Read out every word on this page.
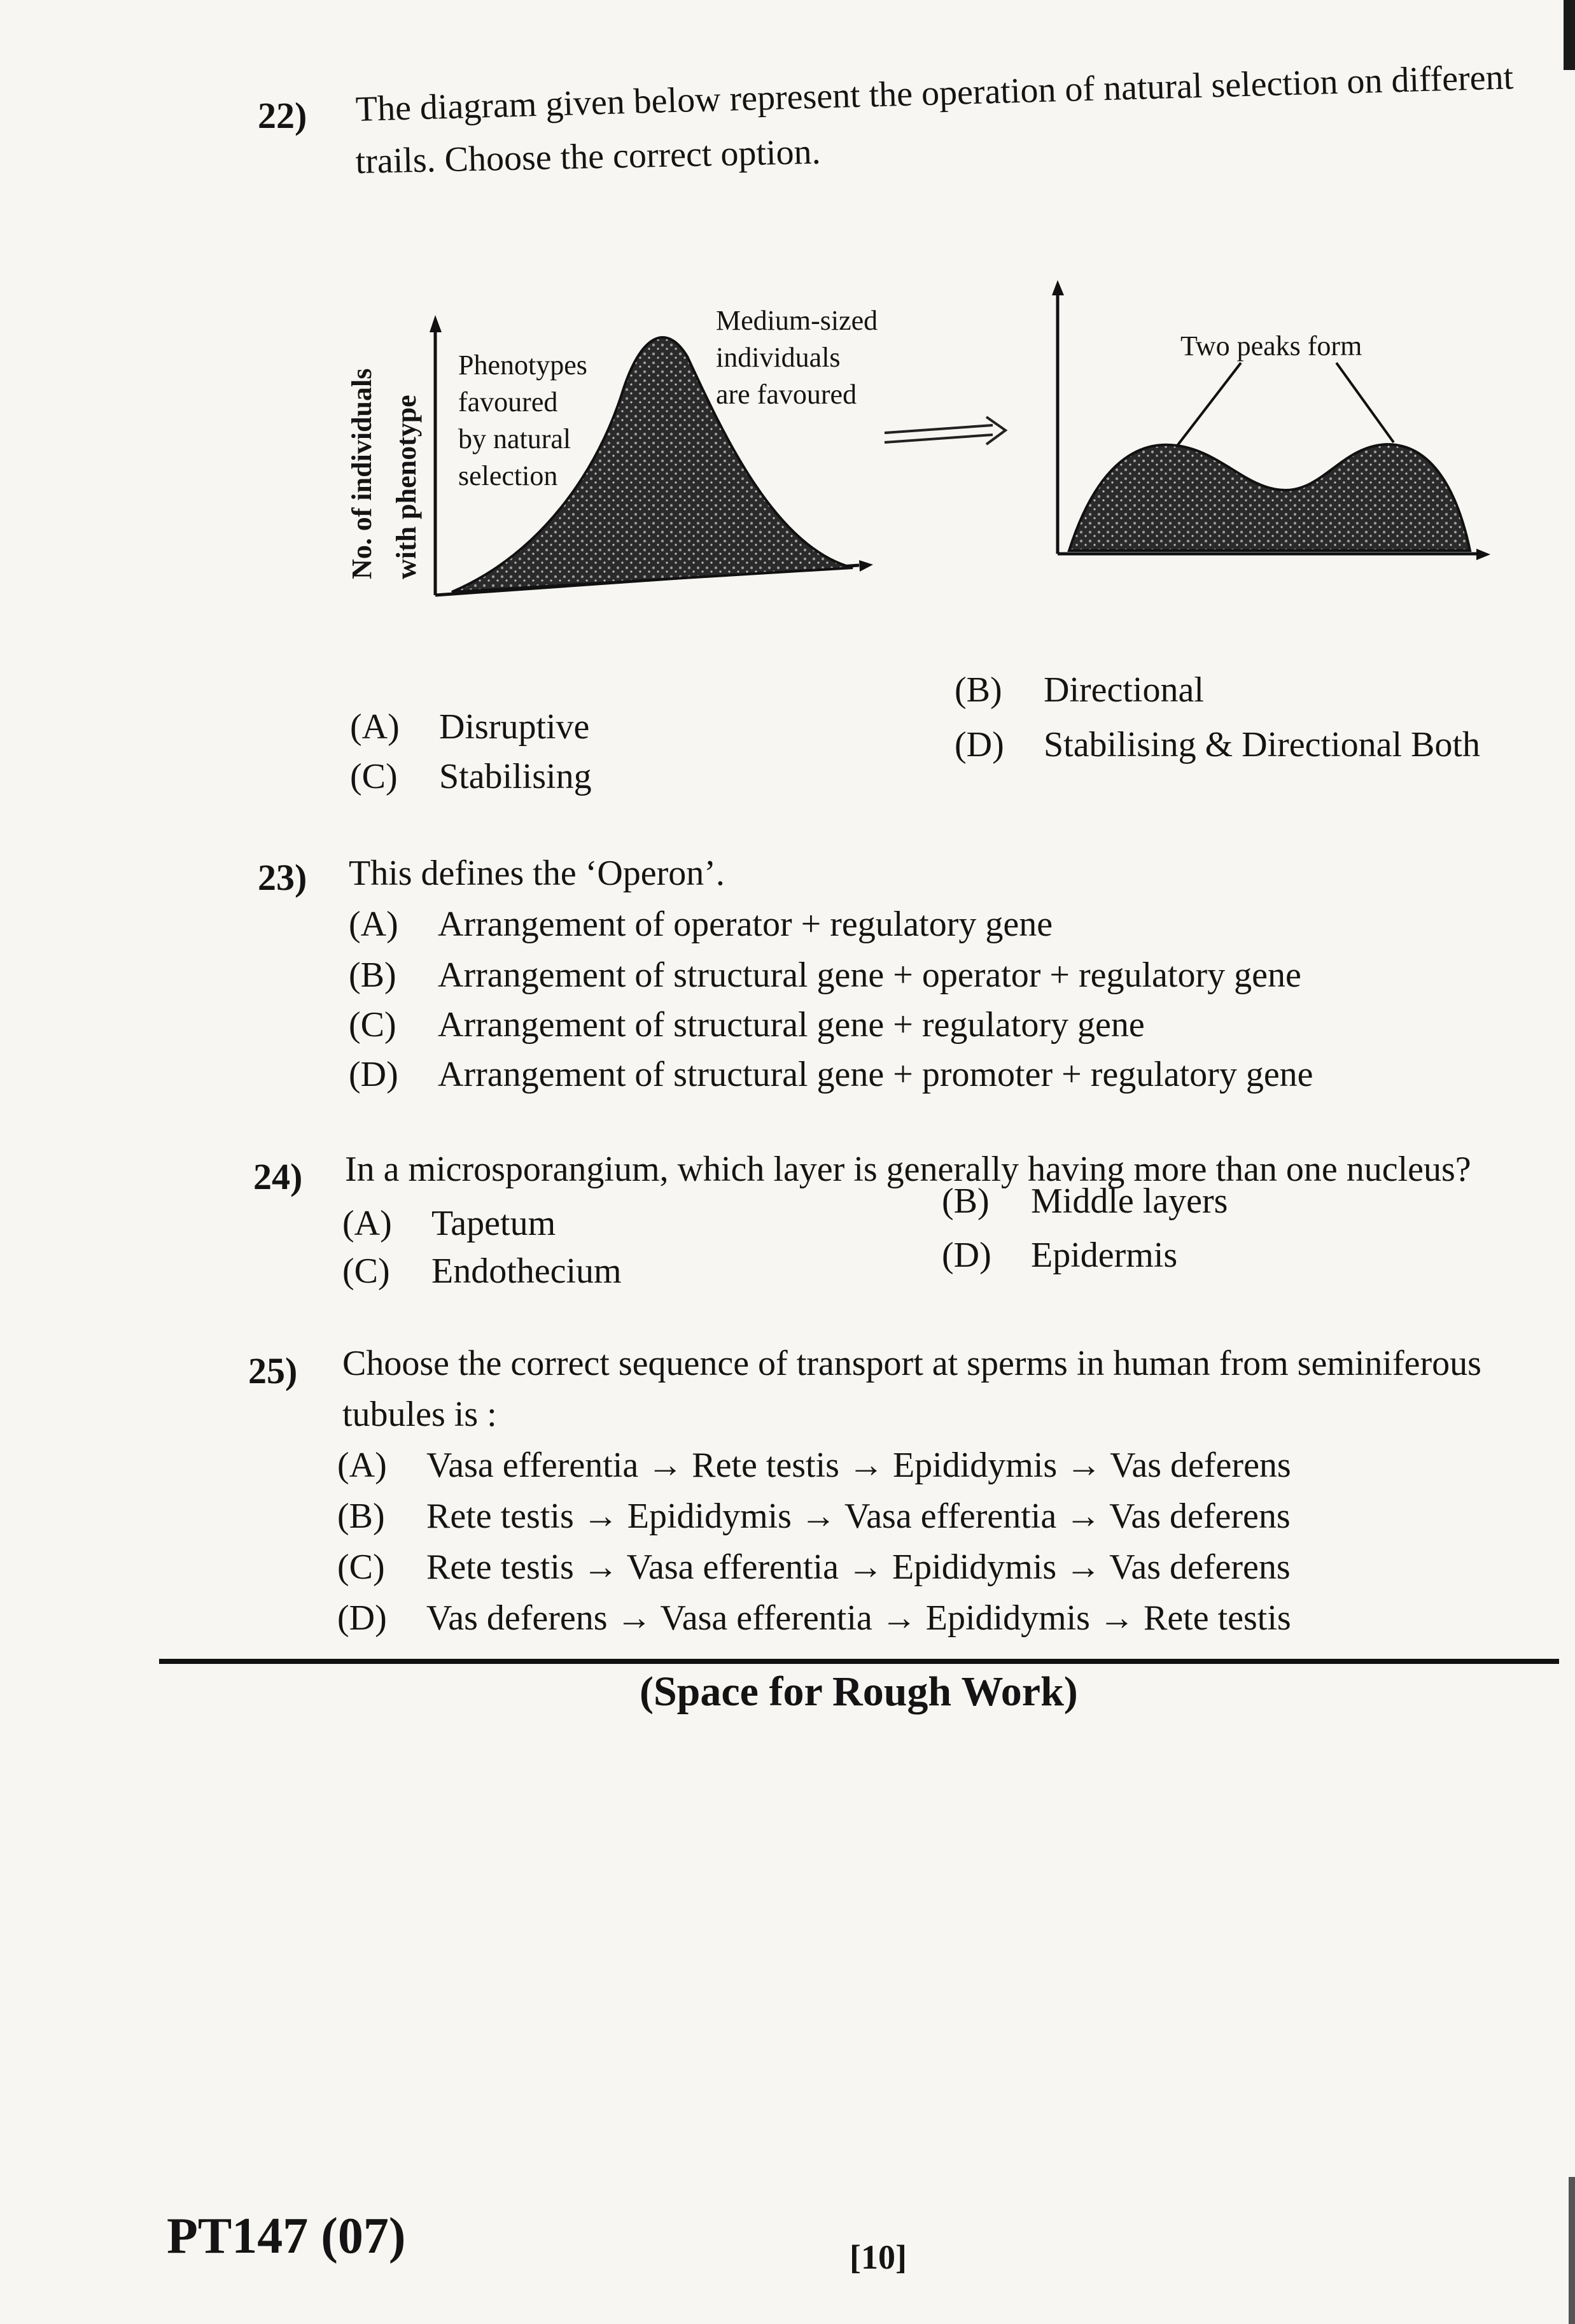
22) The diagram given below represent the operation of natural selection on different
trails. Choose the correct option.
No. of individuals with phenotype
Phenotypes
favoured
by natural
selection
Medium-sized
individuals
are favoured
Two peaks form
(A) Disruptive
(B) Directional
(C) Stabilising
(D) Stabilising & Directional Both
23) This defines the ‘Operon’.
(A) Arrangement of operator + regulatory gene
(B) Arrangement of structural gene + operator + regulatory gene
(C) Arrangement of structural gene + regulatory gene
(D) Arrangement of structural gene + promoter + regulatory gene
24) In a microsporangium, which layer is generally having more than one nucleus?
(A) Tapetum
(B) Middle layers
(C) Endothecium	(D) Epidermis
25) Choose the correct sequence of transport at sperms in human from seminiferous
tubules is :
(A) Vasa efferentia → Rete testis → Epididymis → Vas deferens
(B) Rete testis → Epididymis → Vasa efferentia → Vas deferens
(C) Rete testis → Vasa efferentia → Epididymis → Vas deferens
(D) Vas deferens → Vasa efferentia → Epididymis → Rete testis
(Space for Rough Work)
PT147 (07)	[10]
